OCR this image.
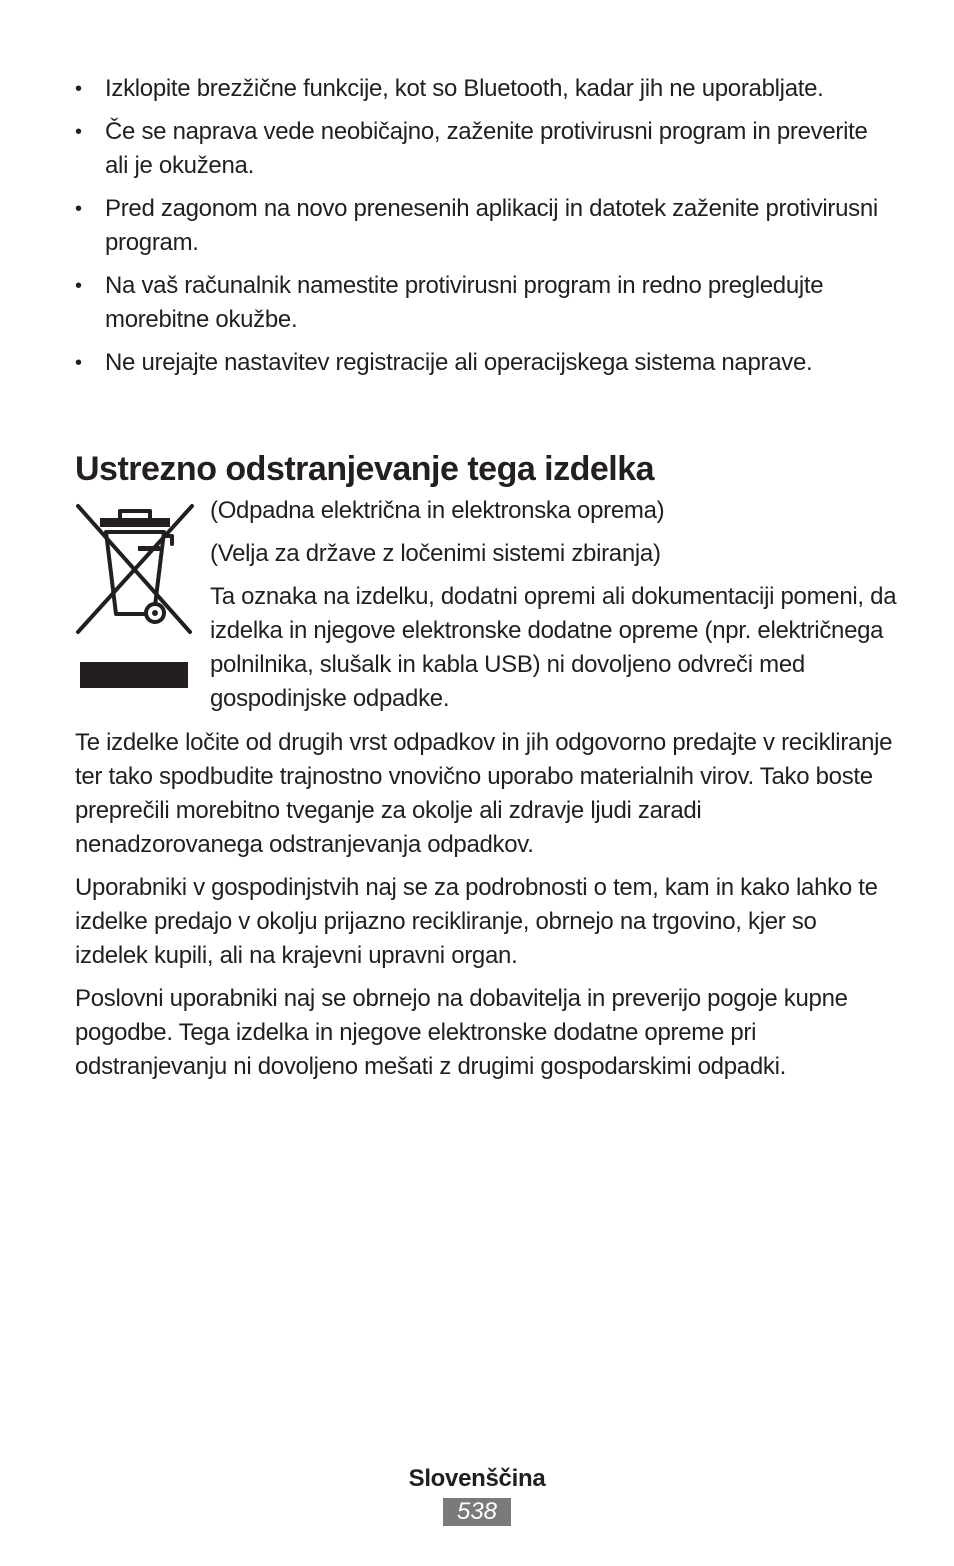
• Izklopite brezžične funkcije, kot so Bluetooth, kadar jih ne uporabljate.
• Če se naprava vede neobičajno, zaženite protivirusni program in preverite ali je okužena.
• Pred zagonom na novo prenesenih aplikacij in datotek zaženite protivirusni program.
• Na vaš računalnik namestite protivirusni program in redno pregledujte morebitne okužbe.
• Ne urejajte nastavitev registracije ali operacijskega sistema naprave.
Ustrezno odstranjevanje tega izdelka

(Odpadna električna in elektronska oprema)

(Velja za države z ločenimi sistemi zbiranja)

Ta oznaka na izdelku, dodatni opremi ali dokumentaciji pomeni, da izdelka in njegove elektronske dodatne opreme (npr. električnega polnilnika, slušalk in kabla USB) ni dovoljeno odvreči med gospodinjske odpadke.

Te izdelke ločite od drugih vrst odpadkov in jih odgovorno predajte v recikliranje ter tako spodbudite trajnostno vnovično uporabo materialnih virov. Tako boste preprečili morebitno tveganje za okolje ali zdravje ljudi zaradi nenadzorovanega odstranjevanja odpadkov.

Uporabniki v gospodinjstvih naj se za podrobnosti o tem, kam in kako lahko te izdelke predajo v okolju prijazno recikliranje, obrnejo na trgovino, kjer so izdelek kupili, ali na krajevni upravni organ.

Poslovni uporabniki naj se obrnejo na dobavitelja in preverijo pogoje kupne pogodbe. Tega izdelka in njegove elektronske dodatne opreme pri odstranjevanju ni dovoljeno mešati z drugimi gospodarskimi odpadki.

Slovenščina
538
